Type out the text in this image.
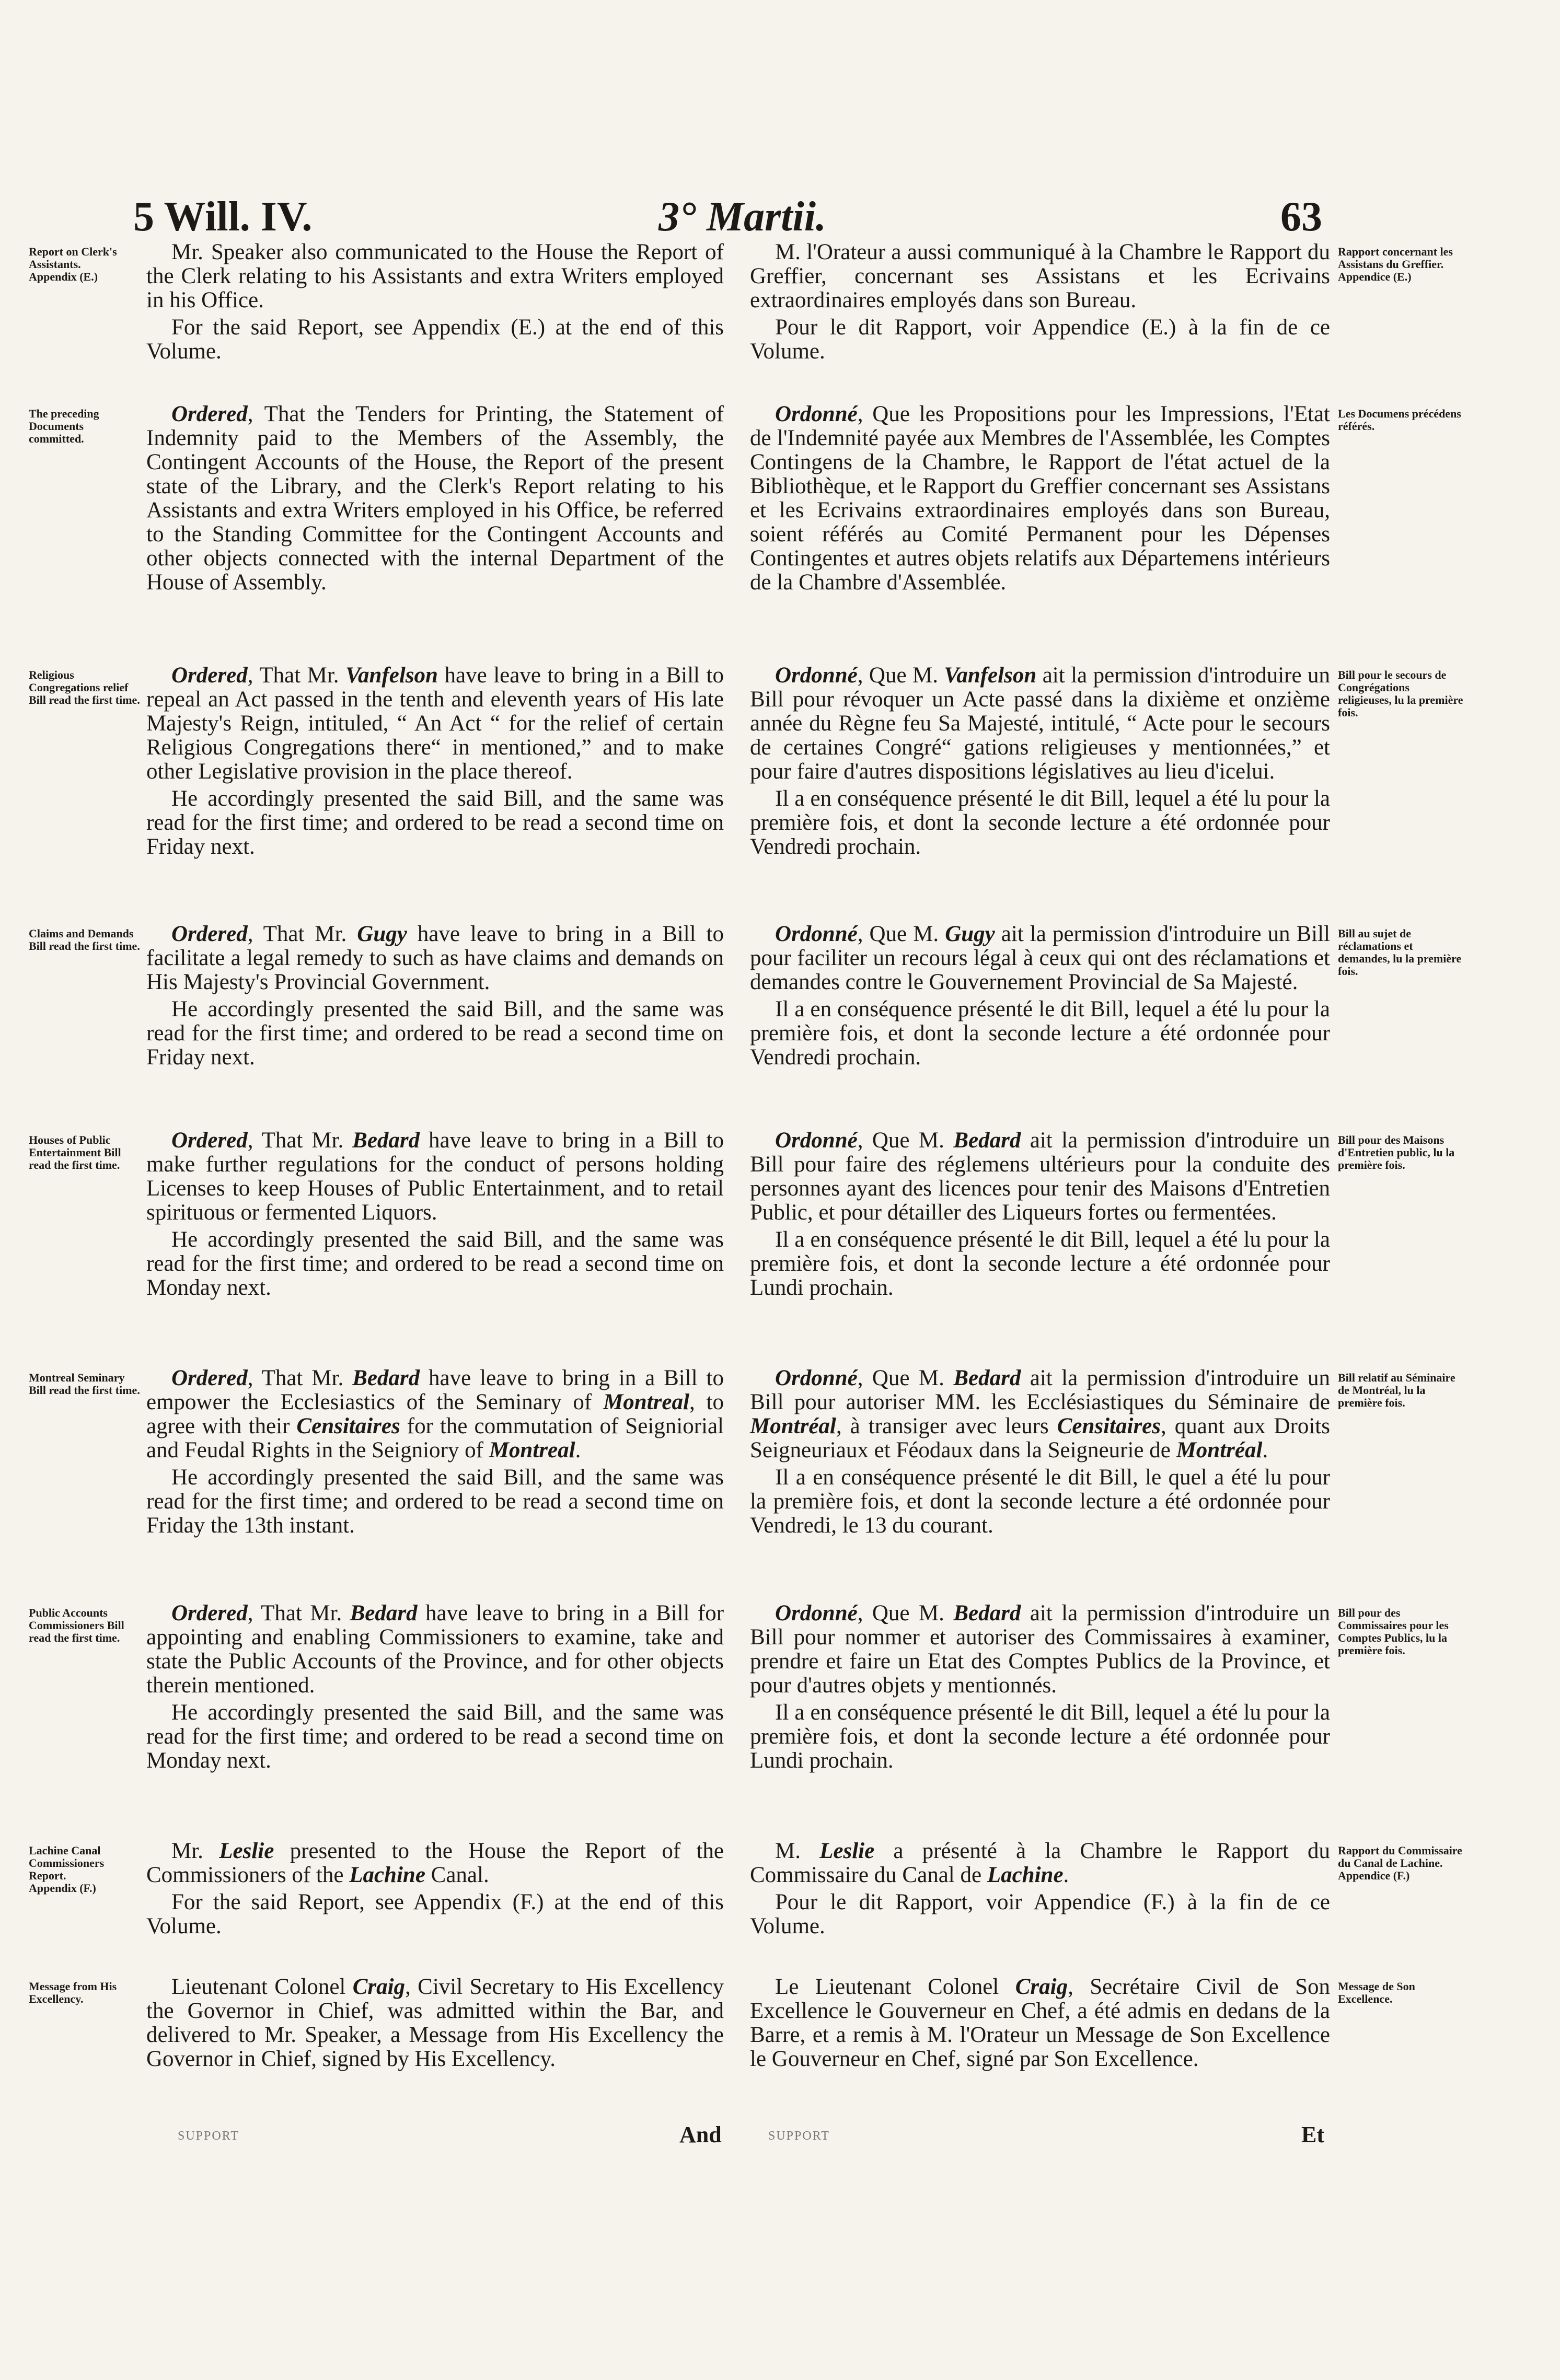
5 Will. IV.	3° Martii.	63
Report on Clerk's Assistants.
Appendix (E.)
Rapport concernant les Assistans du Greffier.
Appendice (E.)

Mr. Speaker also communicated to the House the Report of the Clerk relating to his Assistants and extra Writers employed in his Office.

For the said Report, see Appendix (E.) at the end of this Volume.

M. l'Orateur a aussi communiqué à la Chambre le Rapport du Greffier, concernant ses Assistans et les Ecrivains extraordinaires employés dans son Bureau.

Pour le dit Rapport, voir Appendice (E.) à la fin de ce Volume.

The preceding Documents committed.
Les Documens précédens référés.

Ordered, That the Tenders for Printing, the Statement of Indemnity paid to the Members of the Assembly, the Contingent Accounts of the House, the Report of the present state of the Library, and the Clerk's Report relating to his Assistants and extra Writers employed in his Office, be referred to the Standing Committee for the Contingent Accounts and other objects connected with the internal Department of the House of Assembly.

Ordonné, Que les Propositions pour les Impressions, l'Etat de l'Indemnité payée aux Membres de l'Assemblée, les Comptes Contingens de la Chambre, le Rapport de l'état actuel de la Bibliothèque, et le Rapport du Greffier concernant ses Assistans et les Ecrivains extraordinaires employés dans son Bureau, soient référés au Comité Permanent pour les Dépenses Contingentes et autres objets relatifs aux Départemens intérieurs de la Chambre d'Assemblée.

Religious Congregations relief Bill read the first time.
Bill pour le secours de Congrégations religieuses, lu la première fois.

Ordered, That Mr. Vanfelson have leave to bring in a Bill to repeal an Act passed in the tenth and eleventh years of His late Majesty's Reign, intituled, “ An Act “ for the relief of certain Religious Congregations there“ in mentioned,” and to make other Legislative provision in the place thereof.

He accordingly presented the said Bill, and the same was read for the first time; and ordered to be read a second time on Friday next.

Ordonné, Que M. Vanfelson ait la permission d'introduire un Bill pour révoquer un Acte passé dans la dixième et onzième année du Règne feu Sa Majesté, intitulé, “ Acte pour le secours de certaines Congré“ gations religieuses y mentionnées,” et pour faire d'autres dispositions législatives au lieu d'icelui.

Il a en conséquence présenté le dit Bill, lequel a été lu pour la première fois, et dont la seconde lecture a été ordonnée pour Vendredi prochain.

Claims and Demands Bill read the first time.
Bill au sujet de réclamations et demandes, lu la première fois.

Ordered, That Mr. Gugy have leave to bring in a Bill to facilitate a legal remedy to such as have claims and demands on His Majesty's Provincial Government.

He accordingly presented the said Bill, and the same was read for the first time; and ordered to be read a second time on Friday next.

Ordonné, Que M. Gugy ait la permission d'introduire un Bill pour faciliter un recours légal à ceux qui ont des réclamations et demandes contre le Gouvernement Provincial de Sa Majesté.

Il a en conséquence présenté le dit Bill, lequel a été lu pour la première fois, et dont la seconde lecture a été ordonnée pour Vendredi prochain.

Houses of Public Entertainment Bill read the first time.
Bill pour des Maisons d'Entretien public, lu la première fois.

Ordered, That Mr. Bedard have leave to bring in a Bill to make further regulations for the conduct of persons holding Licenses to keep Houses of Public Entertainment, and to retail spirituous or fermented Liquors.

He accordingly presented the said Bill, and the same was read for the first time; and ordered to be read a second time on Monday next.

Ordonné, Que M. Bedard ait la permission d'introduire un Bill pour faire des réglemens ultérieurs pour la conduite des personnes ayant des licences pour tenir des Maisons d'Entretien Public, et pour détailler des Liqueurs fortes ou fermentées.

Il a en conséquence présenté le dit Bill, lequel a été lu pour la première fois, et dont la seconde lecture a été ordonnée pour Lundi prochain.

Montreal Seminary Bill read the first time.
Bill relatif au Séminaire de Montréal, lu la première fois.

Ordered, That Mr. Bedard have leave to bring in a Bill to empower the Ecclesiastics of the Seminary of Montreal, to agree with their Censitaires for the commutation of Seigniorial and Feudal Rights in the Seigniory of Montreal.

He accordingly presented the said Bill, and the same was read for the first time; and ordered to be read a second time on Friday the 13th instant.

Ordonné, Que M. Bedard ait la permission d'introduire un Bill pour autoriser MM. les Ecclésiastiques du Séminaire de Montréal, à transiger avec leurs Censitaires, quant aux Droits Seigneuriaux et Féodaux dans la Seigneurie de Montréal.

Il a en conséquence présenté le dit Bill, le quel a été lu pour la première fois, et dont la seconde lecture a été ordonnée pour Vendredi, le 13 du courant.

Public Accounts Commissioners Bill read the first time.
Bill pour des Commissaires pour les Comptes Publics, lu la première fois.

Ordered, That Mr. Bedard have leave to bring in a Bill for appointing and enabling Commissioners to examine, take and state the Public Accounts of the Province, and for other objects therein mentioned.

He accordingly presented the said Bill, and the same was read for the first time; and ordered to be read a second time on Monday next.

Ordonné, Que M. Bedard ait la permission d'introduire un Bill pour nommer et autoriser des Commissaires à examiner, prendre et faire un Etat des Comptes Publics de la Province, et pour d'autres objets y mentionnés.

Il a en conséquence présenté le dit Bill, lequel a été lu pour la première fois, et dont la seconde lecture a été ordonnée pour Lundi prochain.

Lachine Canal Commissioners Report.
Appendix (F.)
Rapport du Commissaire du Canal de Lachine.
Appendice (F.)

Mr. Leslie presented to the House the Report of the Commissioners of the Lachine Canal.

For the said Report, see Appendix (F.) at the end of this Volume.

M. Leslie a présenté à la Chambre le Rapport du Commissaire du Canal de Lachine.

Pour le dit Rapport, voir Appendice (F.) à la fin de ce Volume.

Message from His Excellency.
Message de Son Excellence.

Lieutenant Colonel Craig, Civil Secretary to His Excellency the Governor in Chief, was admitted within the Bar, and delivered to Mr. Speaker, a Message from His Excellency the Governor in Chief, signed by His Excellency.

Le Lieutenant Colonel Craig, Secrétaire Civil de Son Excellence le Gouverneur en Chef, a été admis en dedans de la Barre, et a remis à M. l'Orateur un Message de Son Excellence le Gouverneur en Chef, signé par Son Excellence.

SUPPORT	And	SUPPORT	Et
